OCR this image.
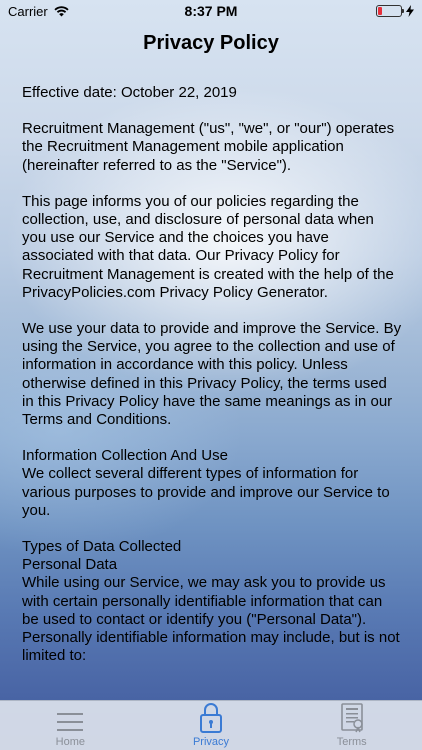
Carrier	8:37 PM
Privacy Policy

Effective date: October 22, 2019

Recruitment Management ("us", "we", or "our") operates the Recruitment Management mobile application (hereinafter referred to as the "Service").

This page informs you of our policies regarding the collection, use, and disclosure of personal data when you use our Service and the choices you have associated with that data. Our Privacy Policy for Recruitment Management is created with the help of the PrivacyPolicies.com Privacy Policy Generator.

We use your data to provide and improve the Service. By using the Service, you agree to the collection and use of information in accordance with this policy. Unless otherwise defined in this Privacy Policy, the terms used in this Privacy Policy have the same meanings as in our Terms and Conditions.

Information Collection And Use
We collect several different types of information for various purposes to provide and improve our Service to you.

Types of Data Collected
Personal Data
While using our Service, we may ask you to provide us with certain personally identifiable information that can be used to contact or identify you ("Personal Data"). Personally identifiable information may include, but is not limited to:

Home	Privacy	Terms
